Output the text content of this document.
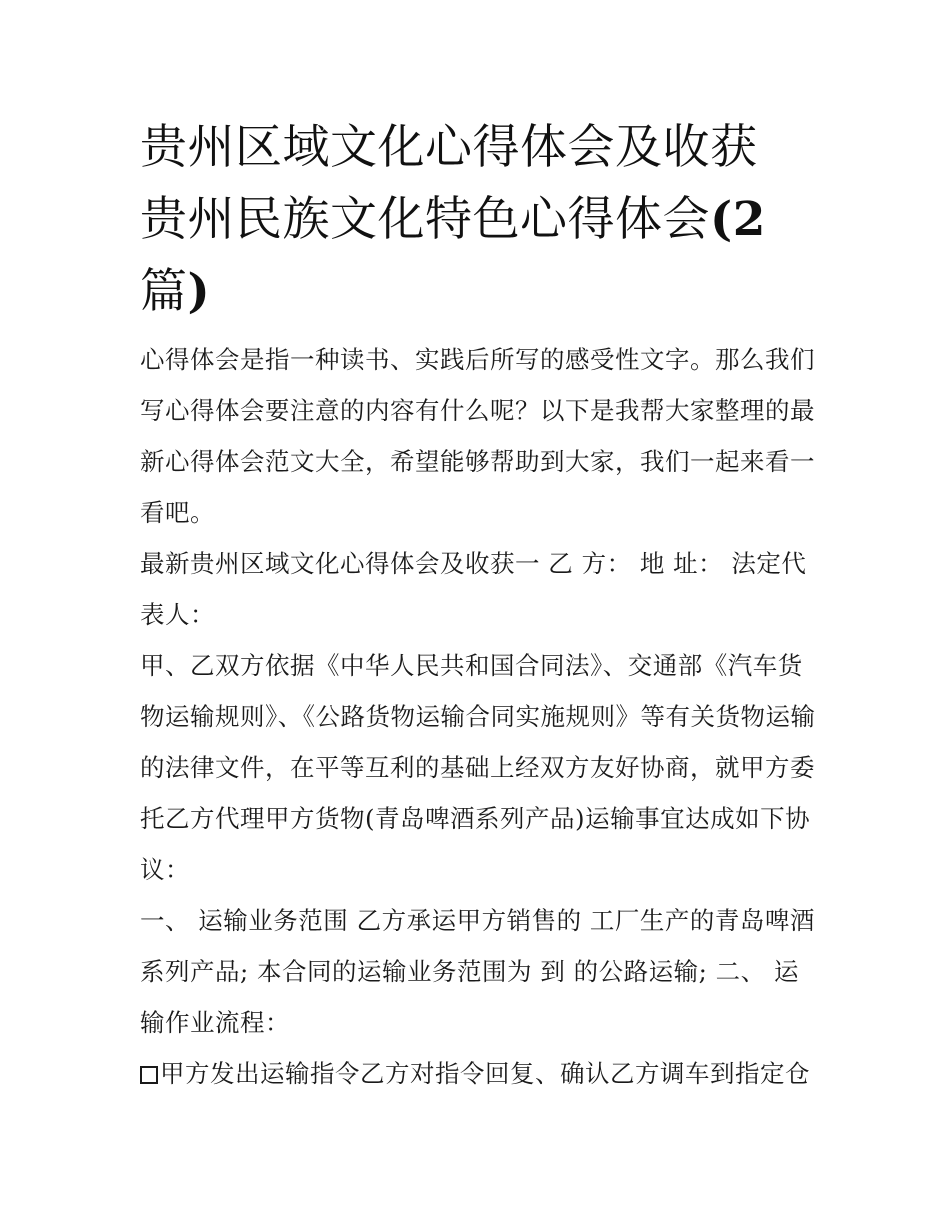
贵州区域文化心得体会及收获
贵州民族文化特色心得体会(2
篇)

心得体会是指一种读书、实践后所写的感受性文字。那么我们写心得体会要注意的内容有什么呢？以下是我帮大家整理的最新心得体会范文大全，希望能够帮助到大家，我们一起来看一看吧。

最新贵州区域文化心得体会及收获一 乙 方： 地 址： 法定代表人：

甲、乙双方依据《中华人民共和国合同法》、交通部《汽车货物运输规则》、《公路货物运输合同实施规则》等有关货物运输的法律文件，在平等互利的基础上经双方友好协商，就甲方委托乙方代理甲方货物(青岛啤酒系列产品)运输事宜达成如下协议：

一、 运输业务范围 乙方承运甲方销售的 工厂生产的青岛啤酒系列产品; 本合同的运输业务范围为 到 的公路运输; 二、 运输作业流程：

甲方发出运输指令乙方对指令回复、确认乙方调车到指定仓
